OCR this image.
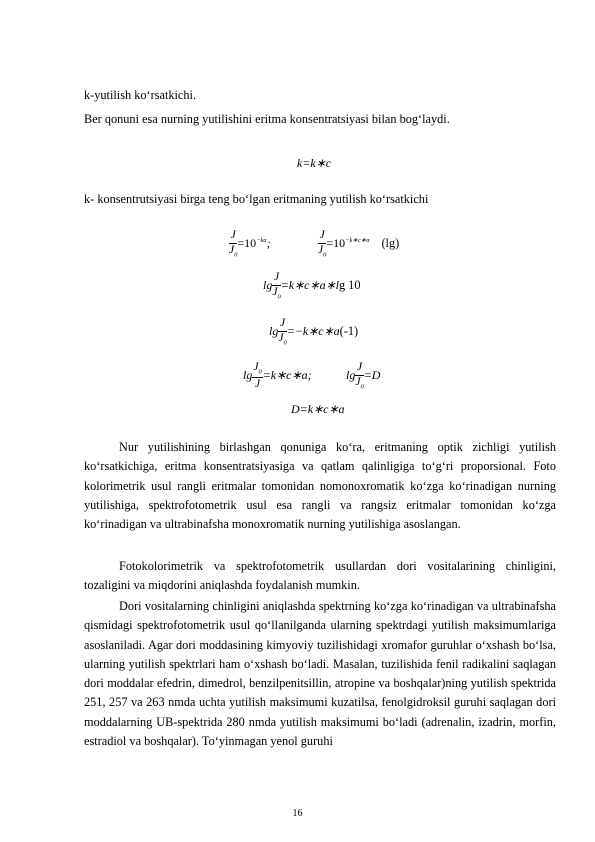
k-yutilish ko‘rsatkichi.
Ber qonuni esa nurning yutilishini eritma konsentratsiyasi bilan bog‘laydi.
k=k∗c
k- konsentrutsiyasi birga teng bo‘lgan eritmaning yutilish ko‘rsatkichi
$\frac{J}{J_0} =10^{-kɑ}$;	$\frac{J}{J_0} =10^{-k∗c∗ɑ}$ (lg)
$\lg \frac{J}{J_0}$ =k∗c∗ɑ∗lg 10
$\lg \frac{J}{J_0}$ =−k∗c∗ɑ(-1)
$\lg \frac{J_0}{J}$ =k∗c∗ɑ;	$\lg \frac{J}{J_0} =D$
D=k∗c∗ɑ

Nur yutilishining birlashgan qonuniga ko‘ra, eritmaning optik zichligi yutilish ko‘rsatkichiga, eritma konsentratsiyasiga va qatlam qalinligiga to‘g‘ri proporsional. Foto kolorimetrik usul rangli eritmalar tomonidan nomonoxromatik ko‘zga ko‘rinadigan nurning yutilishiga, spektrofotometrik usul esa rangli va rangsiz eritmalar tomonidan ko‘zga ko‘rinadigan va ultrabinafsha monoxromatik nurning yutilishiga asoslangan.

Fotokolorimetrik va spektrofotometrik usullardan dori vositalarining chinligini, tozaligini va miqdorini aniqlashda foydalanish mumkin.

Dori vositalarning chinligini aniqlashda spektrning ko‘zga ko‘rinadigan va ultrabinafsha qismidagi spektrofotometrik usul qo‘llanilganda ularning spektrdagi yutilish maksimumlariga asoslaniladi. Agar dori moddasining kimyoviy tuzilishidagi xromafor guruhlar o‘xshash bo‘lsa, ularning yutilish spektrlari ham o‘xshash bo‘ladi. Masalan, tuzilishida fenil radikalini saqlagan dori moddalar efedrin, dimedrol, benzilpenitsillin, atropine va boshqalar)ning yutilish spektrida 251, 257 va 263 nmda uchta yutilish maksimumi kuzatilsa, fenolgidroksil guruhi saqlagan dori moddalarning UB-spektrida 280 nmda yutilish maksimumi bo‘ladi (adrenalin, izadrin, morfin, estradiol va boshqalar). To‘yinmagan yenol guruhi

16
